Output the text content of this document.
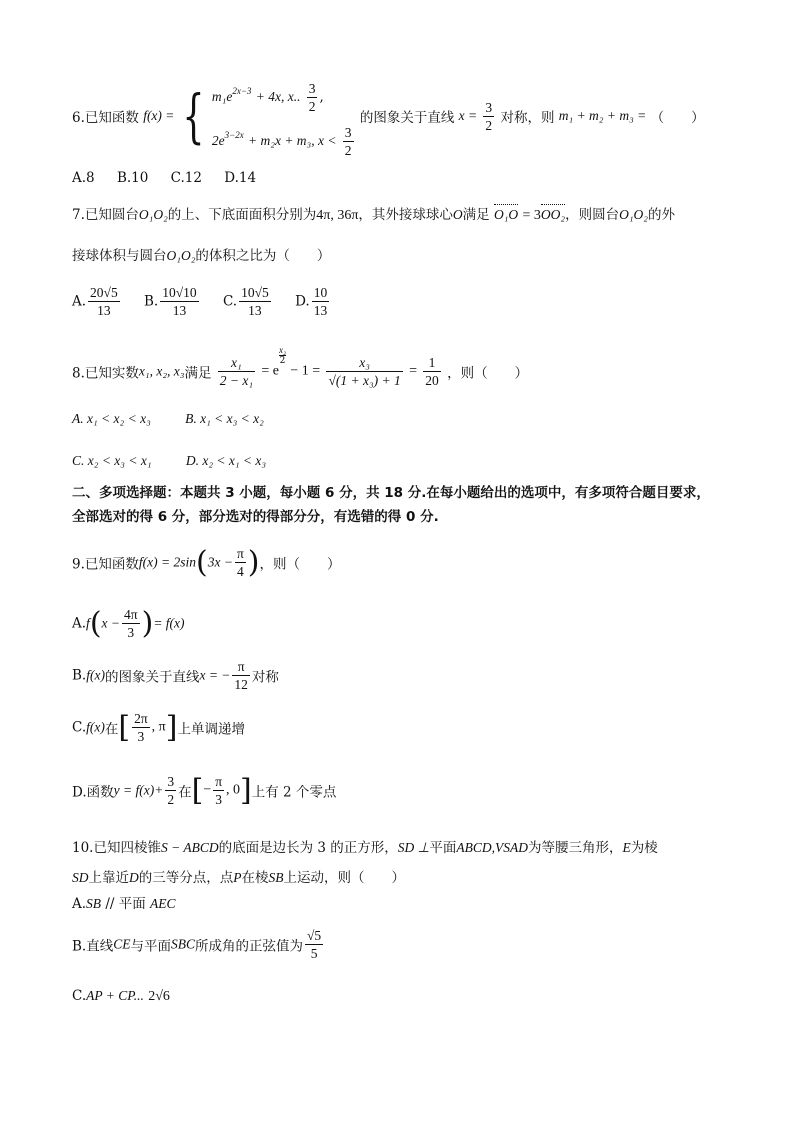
6.已知函数 f(x) = { $m_1e^{2x-3} + 4x$, x.. $\frac{3}{2}$ ,
$2e^{3-2x} + m_2x + m_3$, $x < \frac{3}{2}$
的图象关于直线 $x = \frac{3}{2}$ 对称，则 m₁ + m₂ + m₃ = （　　）
A.8 B.10 C.12 D.14
7.已知圆台O₁O₂的上、下底面面积分别为4π, 36π，其外接球球心O满足 O₁O = 3OO₂，则圆台O₁O₂的外
接球体积与圆台O₁O₂的体积之比为（　　）
A. $\frac{20√5}{13} B$. $\frac{10√10}{13} C$. $\frac{10√5}{13} D$. $\frac{10}{13}$
8.已知实数x₁, x₂, x₃满足 $\frac{\text{x₁}}{\text{2 − x₁}} = e$
$\frac{\text{x₂}}{2}$
− $1 = \frac{\text{x₃}}{\text{√(1 + x₃) + 1}} = \frac{1}{20}$ ，则（　　）
A. x₁ < x₂ < x₃	B. x₁ < x₃ < x₂
C. x₂ < x₃ < x₁	D. x₂ < x₁ < x₃
二、多项选择题：本题共 3 小题，每小题 6 分，共 18 分.在每小题给出的选项中，有多项符合题目要求，全部选对的得 6 分，部分选对的得部分分，有选错的得 0 分.
9.已知函数$f(x) = 2\sin(3x - \frac{\pi}{4}$ )，则（　　）
$A.f(x - \frac{4\pi}{3}$ )= f(x)
B.f(x)的图象关于直线x = − $\frac{\pi}{12}$ 对称
C.f(x)在[ $\frac{2\pi}{3}$ , π]上单调递增
D.函数$y = f(x)+ \frac{3}{2}$ 在[− $\frac{\pi}{3}$ , 0]上有 2 个零点
10.已知四棱锥S − ABCD的底面是边长为 3 的正方形，SD ⊥平面ABCD,VSAD为等腰三角形，E为棱
SD上靠近D的三等分点，点P在棱SB上运动，则（　　）
A.SB // 平面 AEC
B.直线CE与平面SBC所成角的正弦值为 $\frac{√5}{5}$
C.AP + CP... 2√6
